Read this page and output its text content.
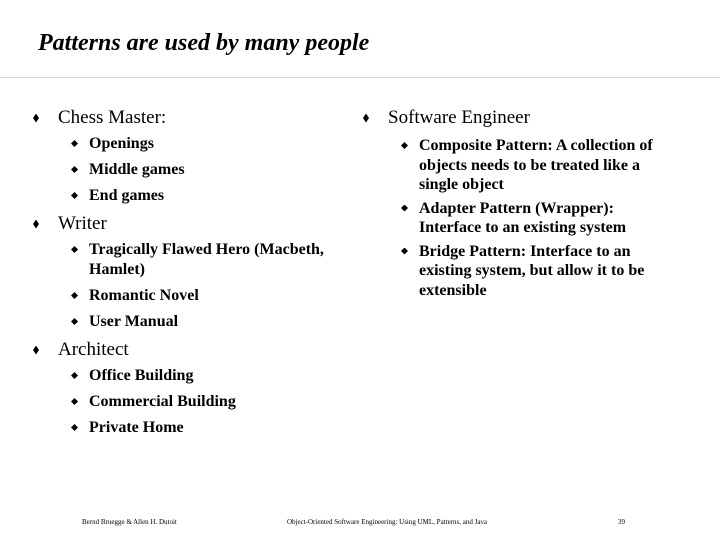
Patterns are used by many people
Chess Master:
Openings
Middle games
End games
Writer
Tragically Flawed Hero (Macbeth, Hamlet)
Romantic Novel
User Manual
Architect
Office Building
Commercial Building
Private Home
Software Engineer
Composite Pattern: A collection of objects needs to be treated like a single object
Adapter Pattern (Wrapper): Interface to an existing system
Bridge Pattern: Interface to an existing system, but allow it to be extensible
Bernd Bruegge & Allen H. Dutoit	Object-Oriented Software Engineering: Using UML, Patterns, and Java	39
